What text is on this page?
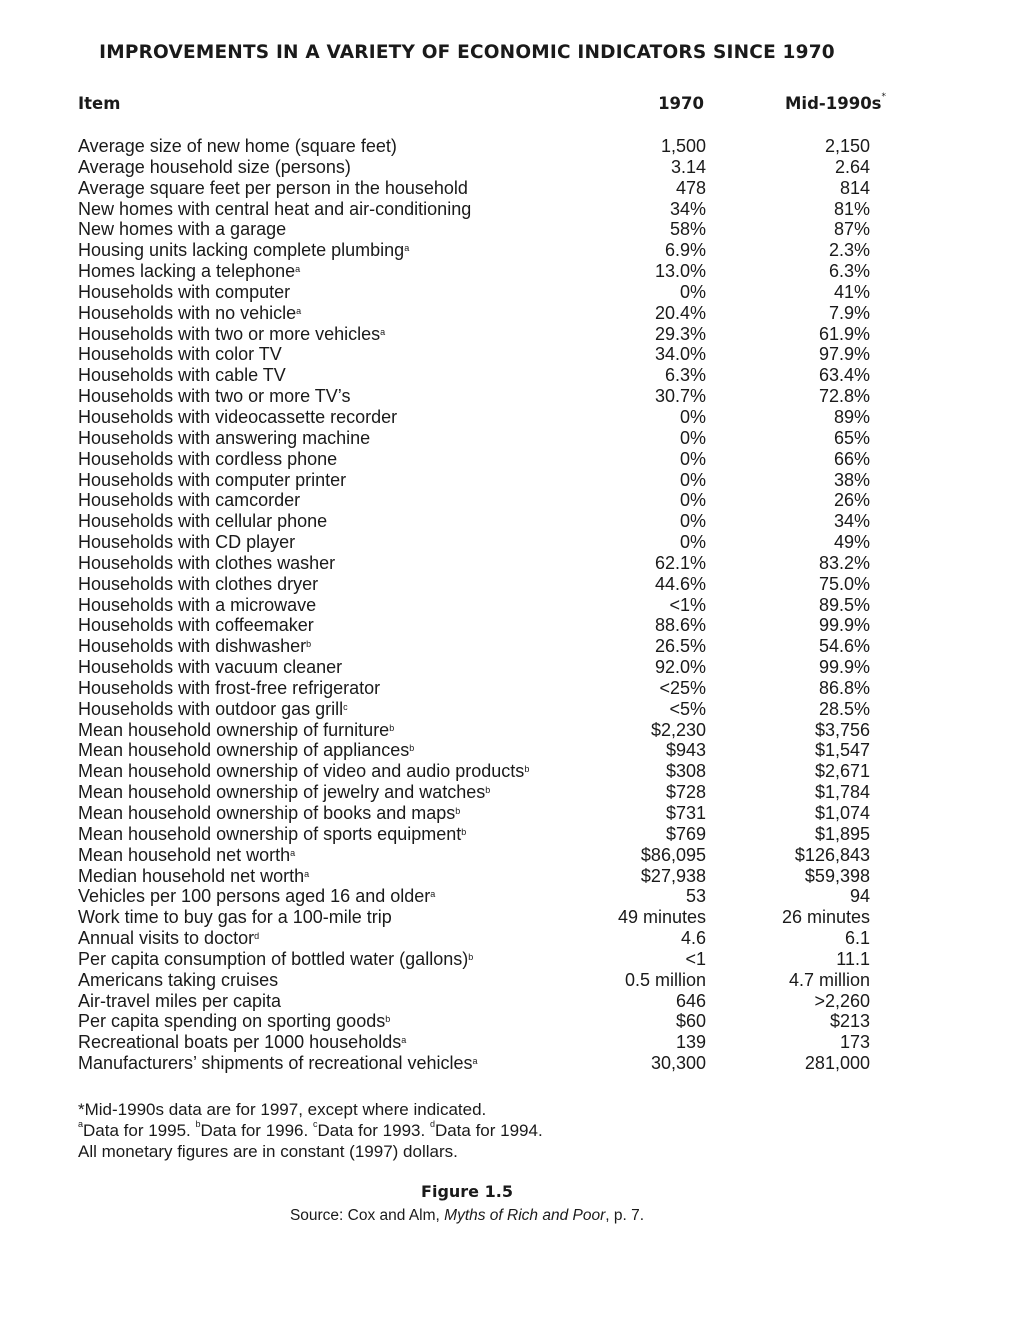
IMPROVEMENTS IN A VARIETY OF ECONOMIC INDICATORS SINCE 1970
Item	1970	Mid-1990s*
Average size of new home (square feet)	1,500	2,150
Average household size (persons)	3.14	2.64
Average square feet per person in the household	478	814
New homes with central heat and air-conditioning	34%	81%
New homes with a garage	58%	87%
Housing units lacking complete plumbing$^a$	6.9%	2.3%
Homes lacking a telephone$^a$	13.0%	6.3%
Households with computer	0%	41%
Households with no vehicle$^a$	20.4%	7.9%
Households with two or more vehicles$^a$	29.3%	61.9%
Households with color TV	34.0%	97.9%
Households with cable TV	6.3%	63.4%
Households with two or more TV’s	30.7%	72.8%
Households with videocassette recorder	0%	89%
Households with answering machine	0%	65%
Households with cordless phone	0%	66%
Households with computer printer	0%	38%
Households with camcorder	0%	26%
Households with cellular phone	0%	34%
Households with CD player	0%	49%
Households with clothes washer	62.1%	83.2%
Households with clothes dryer	44.6%	75.0%
Households with a microwave	<1%	89.5%
Households with coffeemaker	88.6%	99.9%
Households with dishwasher$^b$	26.5%	54.6%
Households with vacuum cleaner	92.0%	99.9%
Households with frost-free refrigerator	<25%	86.8%
Households with outdoor gas grill$^c$	<5%	28.5%
Mean household ownership of furniture$^b$	$2,230	$3,756
Mean household ownership of appliances$^b$	$943	$1,547
Mean household ownership of video and audio products$^b$	$308	$2,671
Mean household ownership of jewelry and watches$^b$	$728	$1,784
Mean household ownership of books and maps$^b$	$731	$1,074
Mean household ownership of sports equipment$^b$	$769	$1,895
Mean household net worth$^a$	$86,095	$126,843
Median household net worth$^a$	$27,938	$59,398
Vehicles per 100 persons aged 16 and older$^a$	53	94
Work time to buy gas for a 100-mile trip	49 minutes	26 minutes
Annual visits to doctor$^d$	4.6	6.1
Per capita consumption of bottled water (gallons)$^b$	<1	11.1
Americans taking cruises	0.5 million	4.7 million
Air-travel miles per capita	646	>2,260
Per capita spending on sporting goods$^b$	$60	$213
Recreational boats per 1000 households$^a$	139	173
Manufacturers’ shipments of recreational vehicles$^a$	30,300	281,000
*Mid-1990s data are for 1997, except where indicated.
$^a$Data for 1995. $^b$Data for 1996. $^c$Data for 1993. $^d$Data for 1994.
All monetary figures are in constant (1997) dollars.
Figure 1.5
Source: Cox and Alm, Myths of Rich and Poor, p. 7.
